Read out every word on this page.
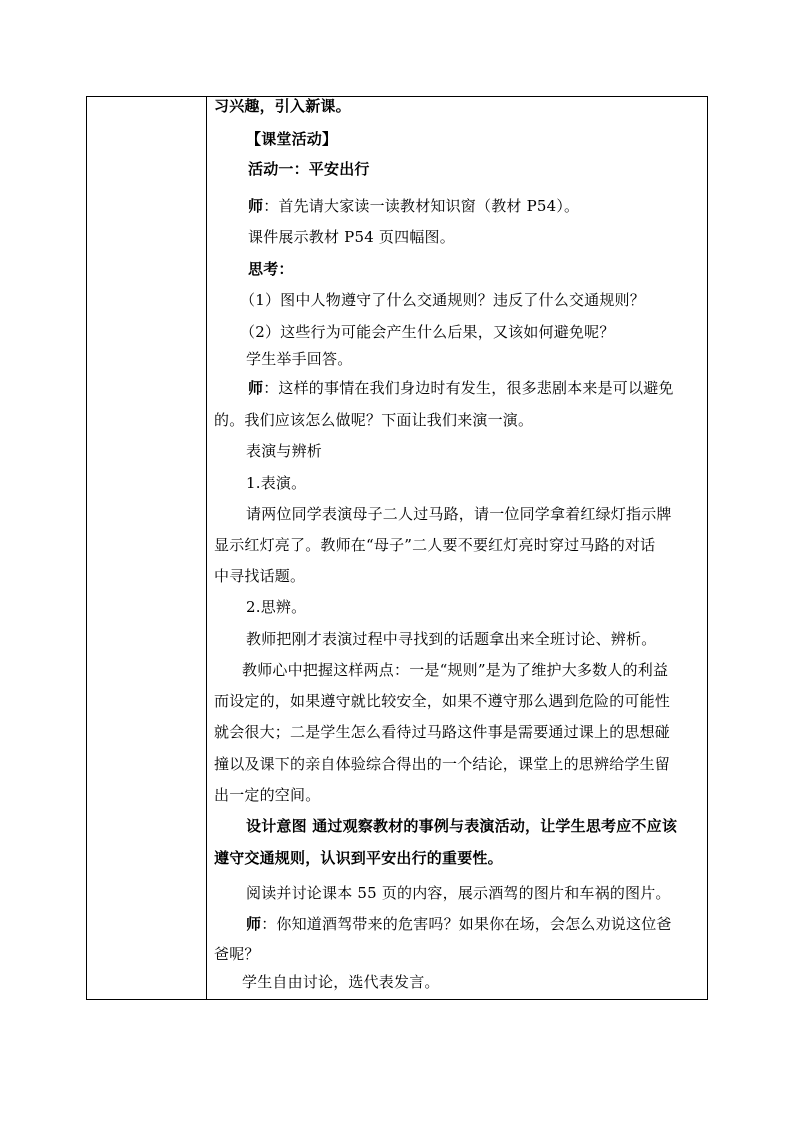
习兴趣，引入新课。
【课堂活动】
活动一：平安出行
师：首先请大家读一读教材知识窗（教材 P54）。
课件展示教材 P54 页四幅图。
思考：
（1）图中人物遵守了什么交通规则？违反了什么交通规则？
（2）这些行为可能会产生什么后果，又该如何避免呢？
学生举手回答。
师：这样的事情在我们身边时有发生，很多悲剧本来是可以避免
的。我们应该怎么做呢？下面让我们来演一演。
表演与辨析
1.表演。
请两位同学表演母子二人过马路，请一位同学拿着红绿灯指示牌
显示红灯亮了。教师在“母子”二人要不要红灯亮时穿过马路的对话
中寻找话题。
2.思辨。
教师把刚才表演过程中寻找到的话题拿出来全班讨论、辨析。
教师心中把握这样两点：一是“规则”是为了维护大多数人的利益
而设定的，如果遵守就比较安全，如果不遵守那么遇到危险的可能性
就会很大；二是学生怎么看待过马路这件事是需要通过课上的思想碰
撞以及课下的亲自体验综合得出的一个结论，课堂上的思辨给学生留
出一定的空间。
设计意图 通过观察教材的事例与表演活动，让学生思考应不应该
遵守交通规则，认识到平安出行的重要性。
阅读并讨论课本 55 页的内容，展示酒驾的图片和车祸的图片。
师：你知道酒驾带来的危害吗？如果你在场，会怎么劝说这位爸
爸呢？
学生自由讨论，选代表发言。
